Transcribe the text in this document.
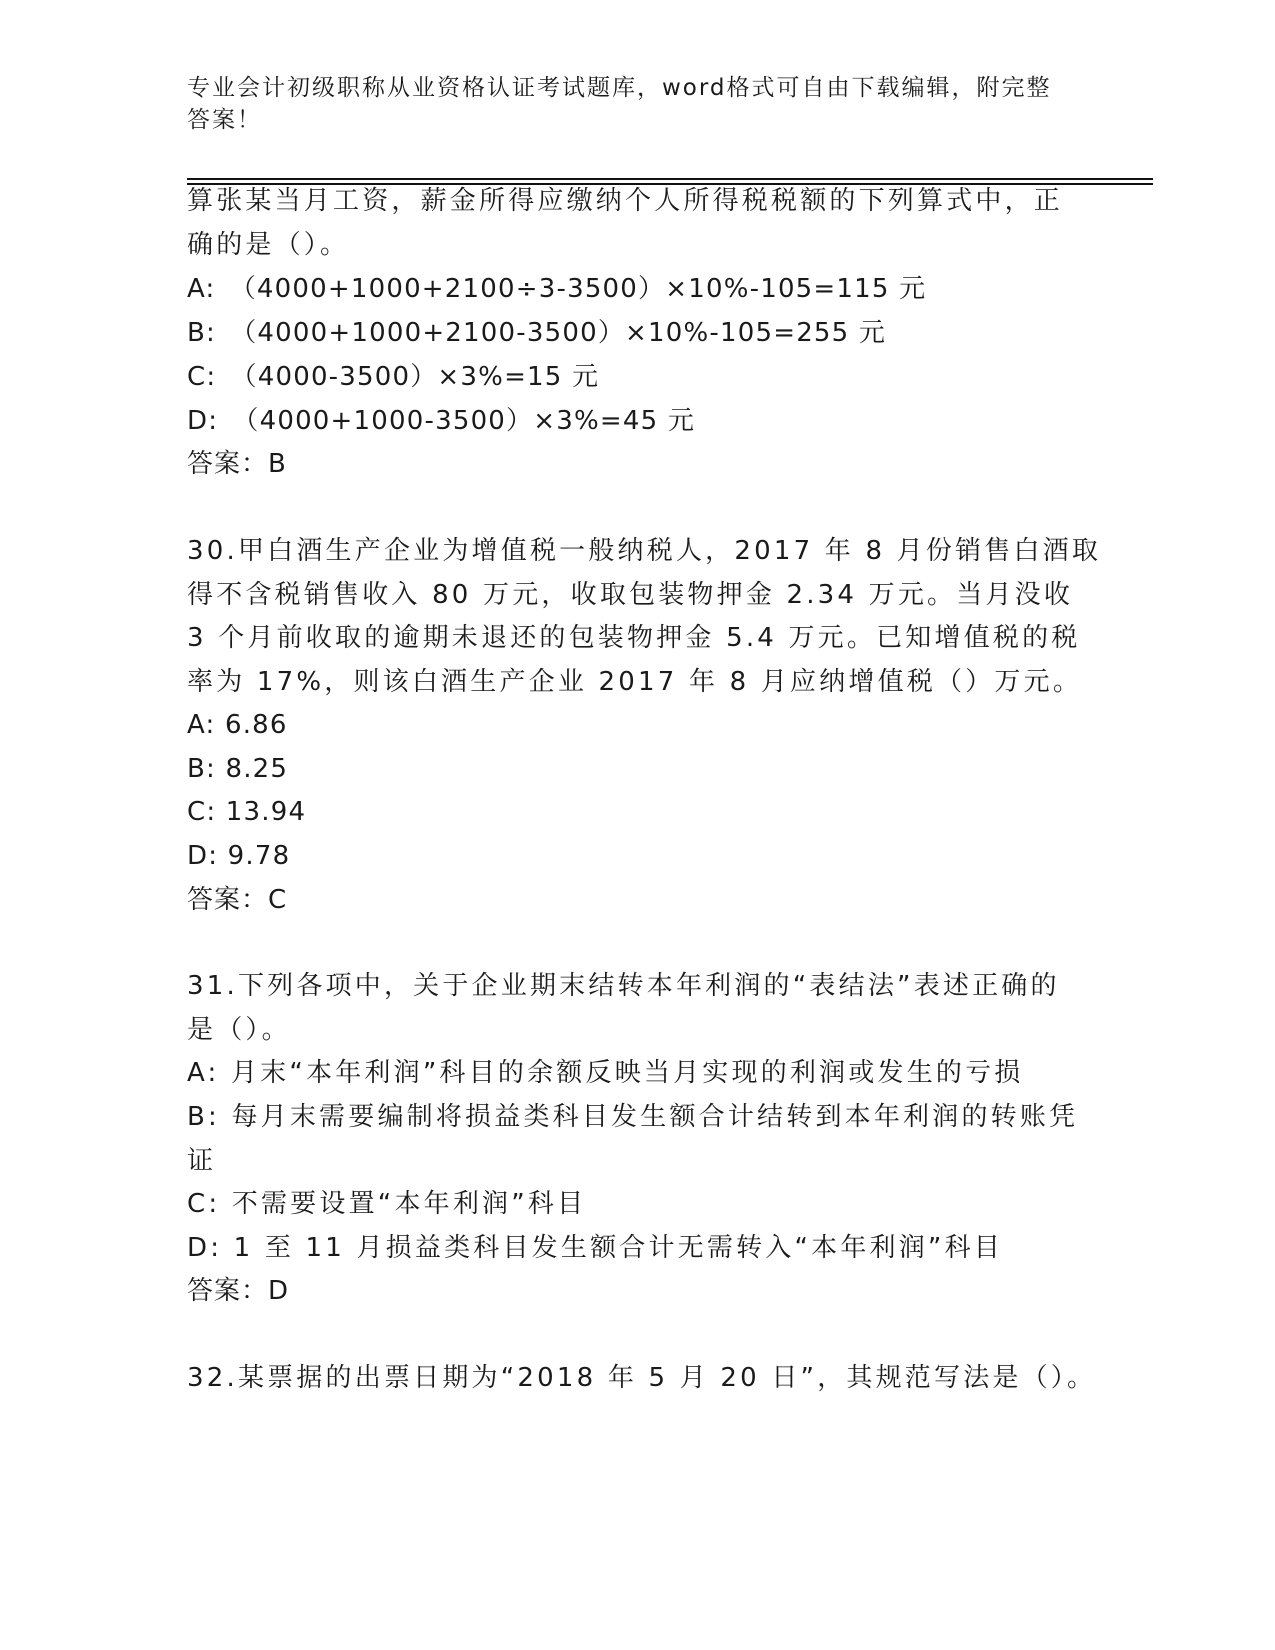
专业会计初级职称从业资格认证考试题库，word格式可自由下载编辑，附完整答案！
算张某当月工资，薪金所得应缴纳个人所得税税额的下列算式中，正
确的是（）。
A:　（4000+1000+2100÷3-3500）×10%-105=115 元
B:　（4000+1000+2100-3500）×10%-105=255 元
C:　（4000-3500）×3%=15 元
D:　（4000+1000-3500）×3%=45 元
答案：B
30.甲白酒生产企业为增值税一般纳税人，2017 年 8 月份销售白酒取
得不含税销售收入 80 万元，收取包装物押金 2.34 万元。当月没收
3 个月前收取的逾期未退还的包装物押金 5.4 万元。已知增值税的税
率为 17%，则该白酒生产企业 2017 年 8 月应纳增值税（）万元。
A: 6.86
B: 8.25
C: 13.94
D: 9.78
答案：C
31.下列各项中，关于企业期末结转本年利润的“表结法”表述正确的
是（）。
A: 月末“本年利润”科目的余额反映当月实现的利润或发生的亏损
B: 每月末需要编制将损益类科目发生额合计结转到本年利润的转账凭
证
C: 不需要设置“本年利润”科目
D: 1 至 11 月损益类科目发生额合计无需转入“本年利润”科目
答案：D
32.某票据的出票日期为“2018 年 5 月 20 日”，其规范写法是（）。
